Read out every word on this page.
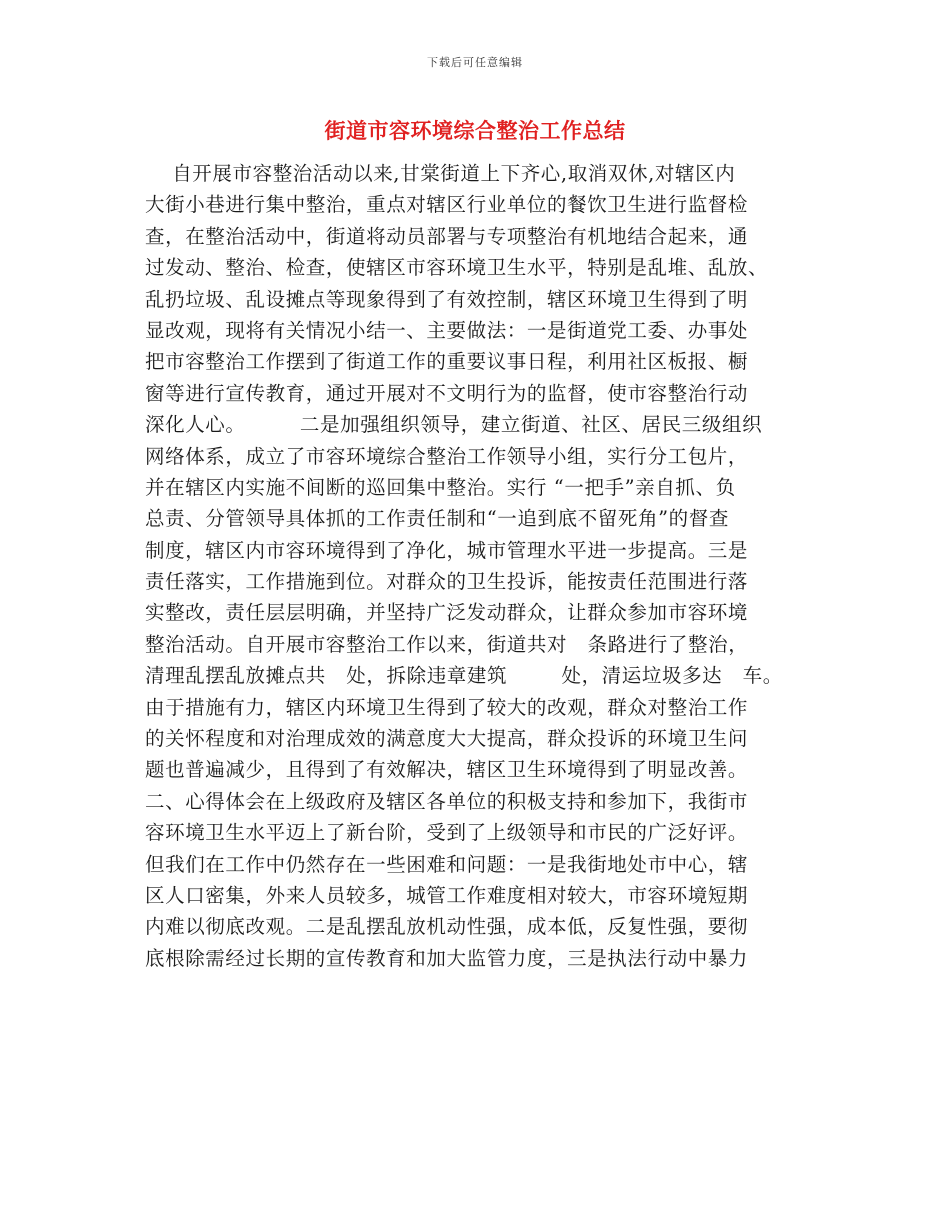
下载后可任意编辑
街道市容环境综合整治工作总结
自开展市容整治活动以来,甘棠街道上下齐心,取消双休,对辖区内
大街小巷进行集中整治，重点对辖区行业单位的餐饮卫生进行监督检
查，在整治活动中，街道将动员部署与专项整治有机地结合起来，通
过发动、整治、检查，使辖区市容环境卫生水平，特别是乱堆、乱放、
乱扔垃圾、乱设摊点等现象得到了有效控制，辖区环境卫生得到了明
显改观，现将有关情况小结一、主要做法：一是街道党工委、办事处
把市容整治工作摆到了街道工作的重要议事日程，利用社区板报、橱
窗等进行宣传教育，通过开展对不文明行为的监督，使市容整治行动
深化人心。        二是加强组织领导，建立街道、社区、居民三级组织
网络体系，成立了市容环境综合整治工作领导小组，实行分工包片，
并在辖区内实施不间断的巡回集中整治。实行 “一把手”亲自抓、负
总责、分管领导具体抓的工作责任制和“一追到底不留死角”的督查
制度，辖区内市容环境得到了净化，城市管理水平进一步提高。三是
责任落实，工作措施到位。对群众的卫生投诉，能按责任范围进行落
实整改，责任层层明确，并坚持广泛发动群众，让群众参加市容环境
整治活动。自开展市容整治工作以来，街道共对   条路进行了整治，
清理乱摆乱放摊点共   处，拆除违章建筑        处，清运垃圾多达   车。
由于措施有力，辖区内环境卫生得到了较大的改观，群众对整治工作
的关怀程度和对治理成效的满意度大大提高，群众投诉的环境卫生问
题也普遍减少，且得到了有效解决，辖区卫生环境得到了明显改善。
二、心得体会在上级政府及辖区各单位的积极支持和参加下，我街市
容环境卫生水平迈上了新台阶，受到了上级领导和市民的广泛好评。
但我们在工作中仍然存在一些困难和问题：一是我街地处市中心，辖
区人口密集，外来人员较多，城管工作难度相对较大，市容环境短期
内难以彻底改观。二是乱摆乱放机动性强，成本低，反复性强，要彻
底根除需经过长期的宣传教育和加大监管力度，三是执法行动中暴力
